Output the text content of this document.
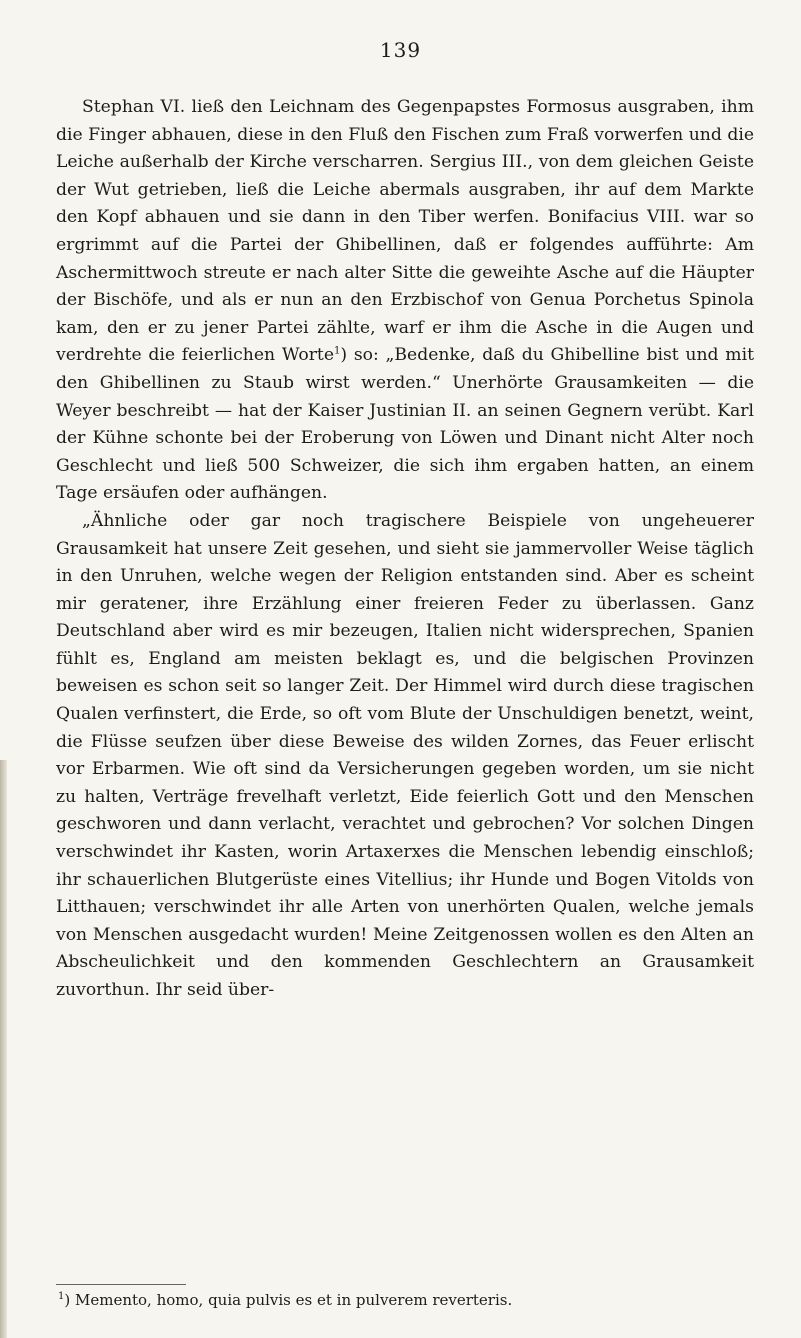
139

Stephan VI. ließ den Leichnam des Gegenpapstes Formosus ausgraben, ihm die Finger abhauen, diese in den Fluß den Fischen zum Fraß vorwerfen und die Leiche außerhalb der Kirche verscharren. Sergius III., von dem gleichen Geiste der Wut getrieben, ließ die Leiche abermals ausgraben, ihr auf dem Markte den Kopf abhauen und sie dann in den Tiber werfen. Bonifacius VIII. war so ergrimmt auf die Partei der Ghibellinen, daß er folgendes aufführte: Am Aschermittwoch streute er nach alter Sitte die geweihte Asche auf die Häupter der Bischöfe, und als er nun an den Erzbischof von Genua Porchetus Spinola kam, den er zu jener Partei zählte, warf er ihm die Asche in die Augen und verdrehte die feierlichen Worte$^1$) so: „Bedenke, daß du Ghibelline bist und mit den Ghibellinen zu Staub wirst werden.“ Unerhörte Grausamkeiten — die Weyer beschreibt — hat der Kaiser Justinian II. an seinen Gegnern verübt. Karl der Kühne schonte bei der Eroberung von Löwen und Dinant nicht Alter noch Geschlecht und ließ 500 Schweizer, die sich ihm ergaben hatten, an einem Tage ersäufen oder aufhängen.

„Ähnliche oder gar noch tragischere Beispiele von ungeheuerer Grausamkeit hat unsere Zeit gesehen, und sieht sie jammervoller Weise täglich in den Unruhen, welche wegen der Religion entstanden sind. Aber es scheint mir geratener, ihre Erzählung einer freieren Feder zu überlassen. Ganz Deutschland aber wird es mir bezeugen, Italien nicht widersprechen, Spanien fühlt es, England am meisten beklagt es, und die belgischen Provinzen beweisen es schon seit so langer Zeit. Der Himmel wird durch diese tragischen Qualen verfinstert, die Erde, so oft vom Blute der Unschuldigen benetzt, weint, die Flüsse seufzen über diese Beweise des wilden Zornes, das Feuer erlischt vor Erbarmen. Wie oft sind da Versicherungen gegeben worden, um sie nicht zu halten, Verträge frevelhaft verletzt, Eide feierlich Gott und den Menschen geschworen und dann verlacht, verachtet und gebrochen? Vor solchen Dingen verschwindet ihr Kasten, worin Artaxerxes die Menschen lebendig einschloß; ihr schauerlichen Blutgerüste eines Vitellius; ihr Hunde und Bogen Vitolds von Litthauen; verschwindet ihr alle Arten von unerhörten Qualen, welche jemals von Menschen ausgedacht wurden! Meine Zeitgenossen wollen es den Alten an Abscheulichkeit und den kommenden Geschlechtern an Grausamkeit zuvorthun. Ihr seid über-

$^1$) Memento, homo, quia pulvis es et in pulverem reverteris.
